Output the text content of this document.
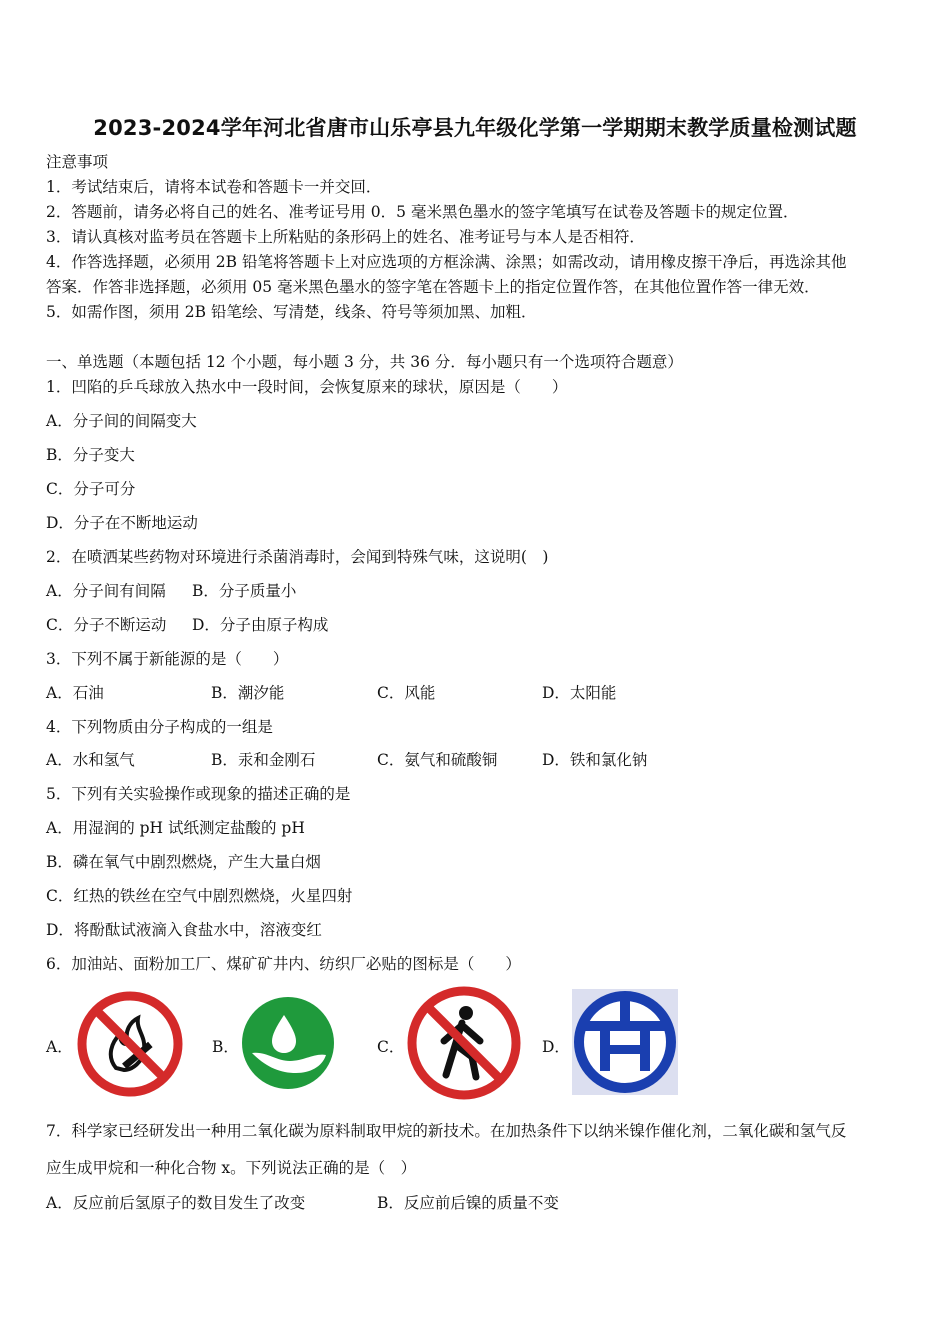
2023-2024学年河北省唐市山乐亭县九年级化学第一学期期末教学质量检测试题
注意事项
1．考试结束后，请将本试卷和答题卡一并交回．
2．答题前，请务必将自己的姓名、准考证号用 0．5 毫米黑色墨水的签字笔填写在试卷及答题卡的规定位置．
3．请认真核对监考员在答题卡上所粘贴的条形码上的姓名、准考证号与本人是否相符．
4．作答选择题，必须用 2B 铅笔将答题卡上对应选项的方框涂满、涂黑；如需改动，请用橡皮擦干净后，再选涂其他
答案．作答非选择题，必须用 05 毫米黑色墨水的签字笔在答题卡上的指定位置作答，在其他位置作答一律无效．
5．如需作图，须用 2B 铅笔绘、写清楚，线条、符号等须加黑、加粗．
一、单选题（本题包括 12 个小题，每小题 3 分，共 36 分．每小题只有一个选项符合题意）
1．凹陷的乒乓球放入热水中一段时间，会恢复原来的球状，原因是（　　）
A．分子间的间隔变大
B．分子变大
C．分子可分
D．分子在不断地运动
2．在喷洒某些药物对环境进行杀菌消毒时，会闻到特殊气味，这说明(　)
A．分子间有间隔 B．分子质量小
C．分子不断运动 D．分子由原子构成
3．下列不属于新能源的是（　　）
A．石油	B．潮汐能	C．风能	D．太阳能
4．下列物质由分子构成的一组是
A．水和氢气	B．汞和金刚石	C．氨气和硫酸铜	D．铁和氯化钠
5．下列有关实验操作或现象的描述正确的是
A．用湿润的 pH 试纸测定盐酸的 pH
B．磷在氧气中剧烈燃烧，产生大量白烟
C．红热的铁丝在空气中剧烈燃烧，火星四射
D．将酚酞试液滴入食盐水中，溶液变红
6．加油站、面粉加工厂、煤矿矿井内、纺织厂必贴的图标是（　　）
A．	B．	C．	D．
7．科学家已经研发出一种用二氧化碳为原料制取甲烷的新技术。在加热条件下以纳米镍作催化剂，二氧化碳和氢气反
应生成甲烷和一种化合物 x。下列说法正确的是（　）
A．反应前后氢原子的数目发生了改变	B．反应前后镍的质量不变
